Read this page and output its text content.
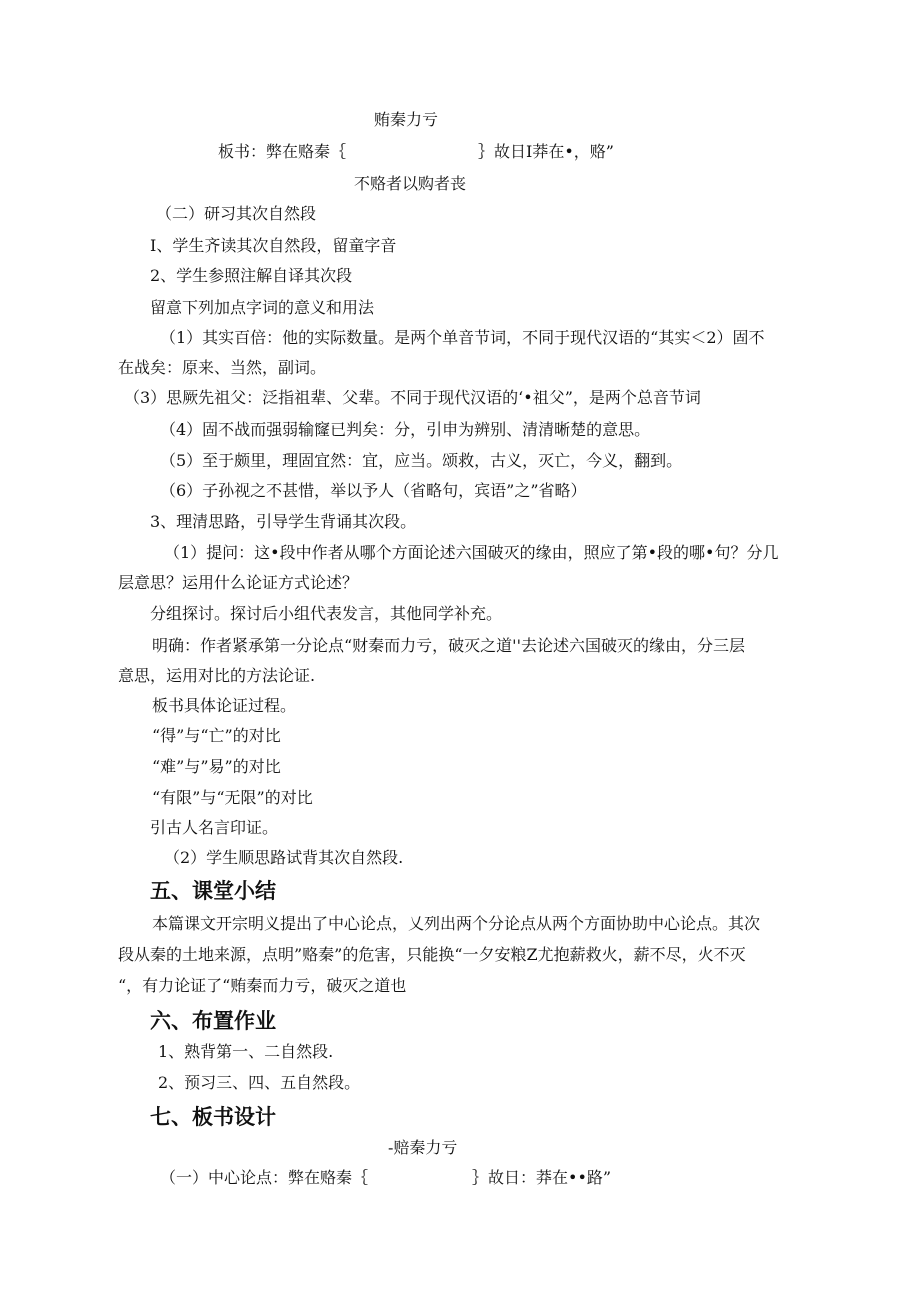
贿秦力亏
板书：弊在赂秦｛	｝故日I莽在•，赂”
不赂者以购者丧
（二）研习其次自然段
I、学生齐读其次自然段，留童字音
2、学生参照注解自译其次段
留意下列加点字词的意义和用法
（1）其实百倍：他的实际数量。是两个单音节词，不同于现代汉语的“其实＜2）固不
在战矣：原来、当然，副词。
（3）思厥先祖父：泛指祖辈、父辈。不同于现代汉语的‘•祖父”，是两个总音节词
（4）固不战而强弱输窿已判矣：分，引申为辨别、清清晰楚的意思。
（5）至于颇里，理固宜然：宜，应当。颂救，古义，灭亡，今义，翻到。
（6）子孙视之不甚惜，举以予人（省略句，宾语”之”省略）
3、理清思路，引导学生背诵其次段。
（1）提问：这•段中作者从哪个方面论述六国破灭的缘由，照应了第•段的哪•句？分几
层意思？运用什么论证方式论述？
分组探讨。探讨后小组代表发言，其他同学补充。
明确：作者紧承第一分论点“财秦而力亏，破灭之道''去论述六国破灭的缘由，分三层
意思，运用对比的方法论证.
板书具体论证过程。
“得”与“亡”的对比
“难”与”易”的对比
“有限”与“无限”的对比
引古人名言印证。
（2）学生顺思路试背其次自然段.
五、课堂小结
本篇课文开宗明义提出了中心论点，乂列出两个分论点从两个方面协助中心论点。其次
段从秦的土地来源，点明”赂秦”的危害，只能换“一夕安粮Z尤抱薪救火，薪不尽，火不灭
“，有力论证了“贿秦而力亏，破灭之道也
六、布置作业
1、熟背第一、二自然段.
2、预习三、四、五自然段。
七、板书设计
-赔秦力亏
（一）中心论点：弊在赂秦｛	｝故日：莽在••路”
